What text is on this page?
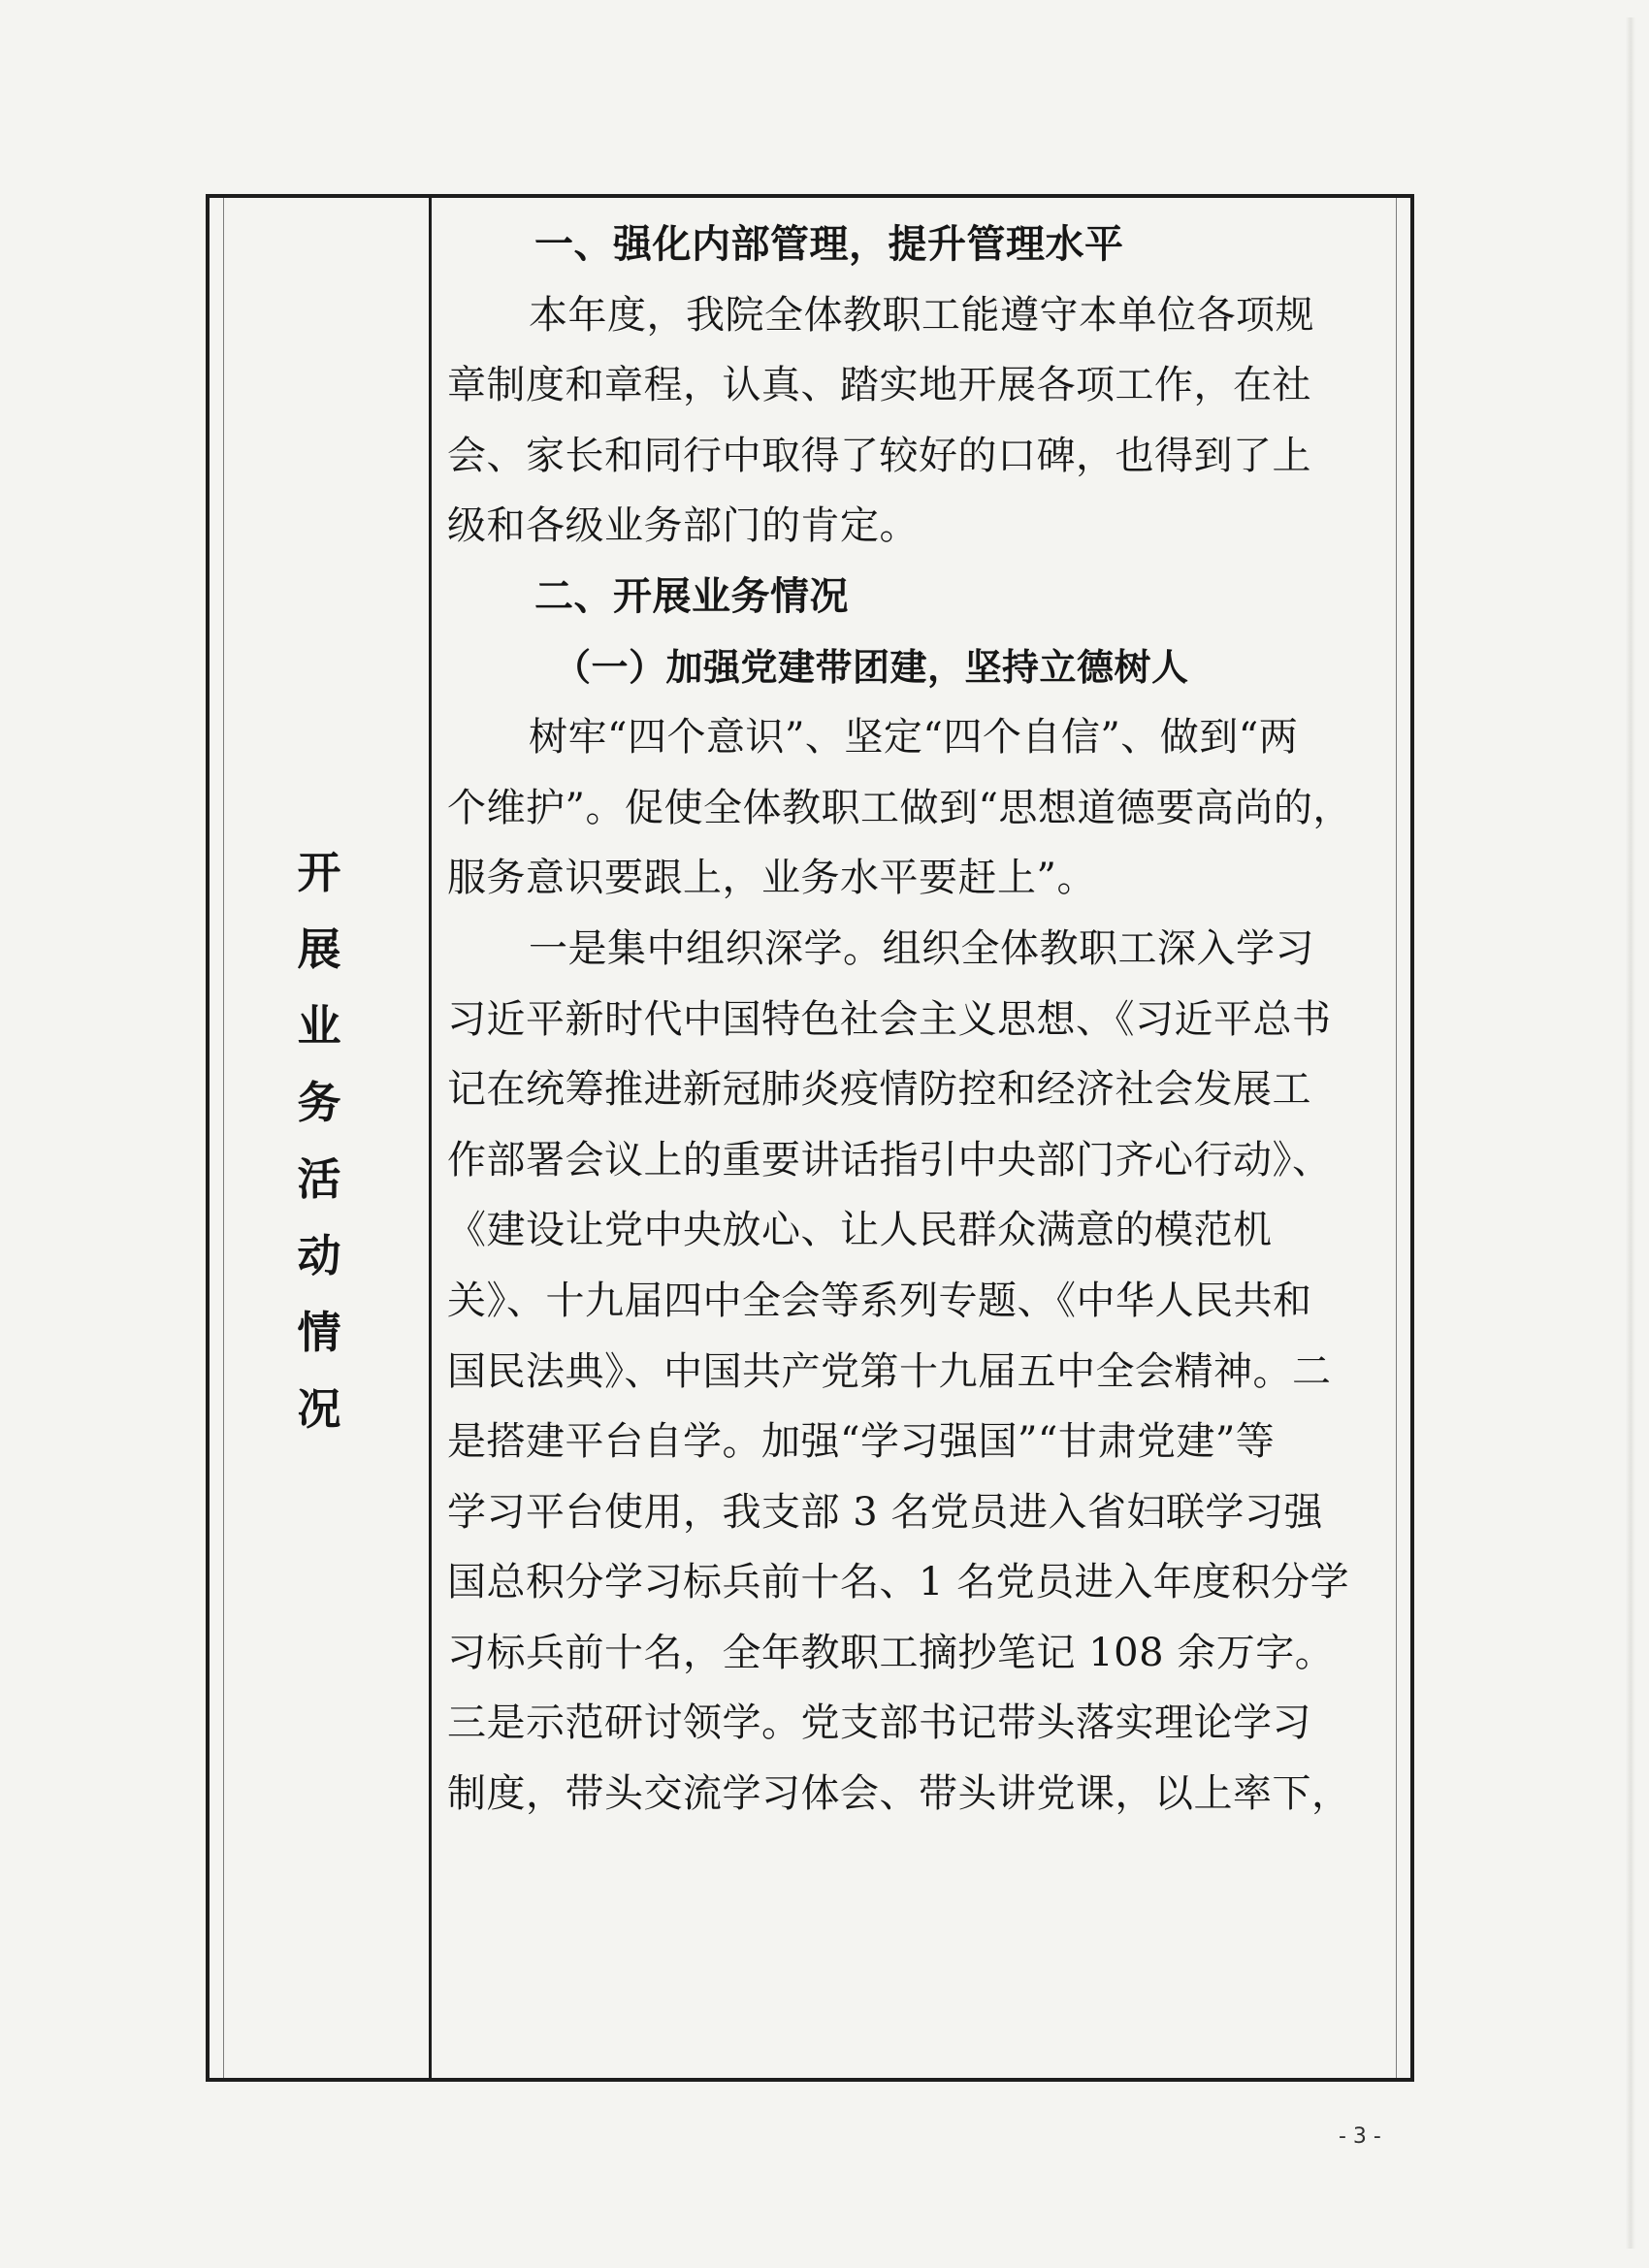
开
展
业
务
活
动
情
况
一、强化内部管理，提升管理水平
本年度，我院全体教职工能遵守本单位各项规
章制度和章程，认真、踏实地开展各项工作，在社
会、家长和同行中取得了较好的口碑，也得到了上
级和各级业务部门的肯定。
二、开展业务情况
（一）加强党建带团建，坚持立德树人
树牢“四个意识”、坚定“四个自信”、做到“两
个维护”。促使全体教职工做到“思想道德要高尚的，
服务意识要跟上，业务水平要赶上”。
一是集中组织深学。组织全体教职工深入学习
习近平新时代中国特色社会主义思想、《习近平总书
记在统筹推进新冠肺炎疫情防控和经济社会发展工
作部署会议上的重要讲话指引中央部门齐心行动》、
《建设让党中央放心、让人民群众满意的模范机
关》、十九届四中全会等系列专题、《中华人民共和
国民法典》、中国共产党第十九届五中全会精神。二
是搭建平台自学。加强“学习强国”“甘肃党建”等
学习平台使用，我支部 3 名党员进入省妇联学习强
国总积分学习标兵前十名、1 名党员进入年度积分学
习标兵前十名，全年教职工摘抄笔记 108 余万字。
三是示范研讨领学。党支部书记带头落实理论学习
制度，带头交流学习体会、带头讲党课，以上率下，
- 3 -
